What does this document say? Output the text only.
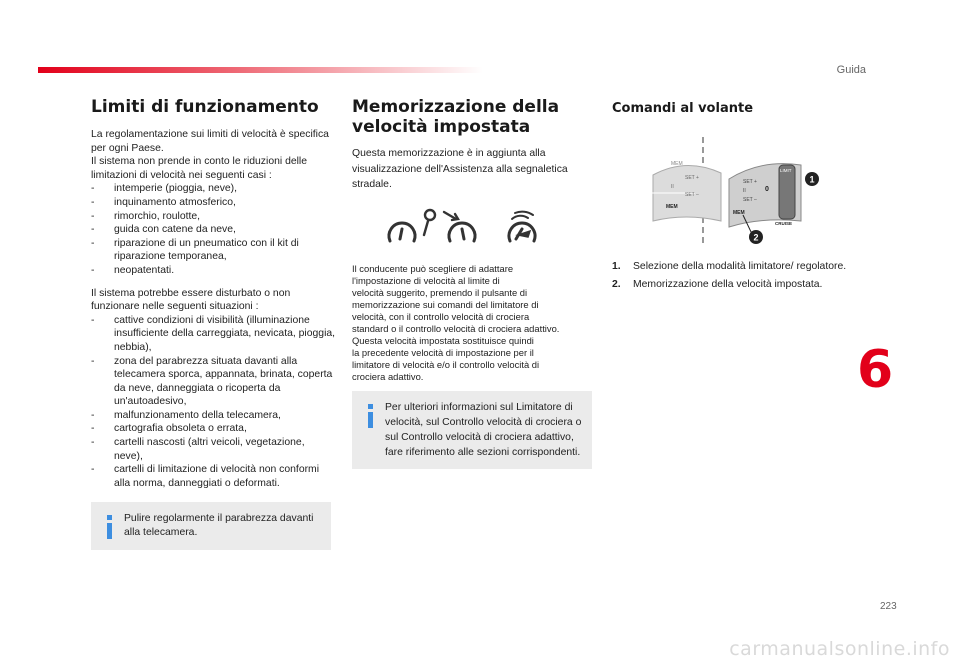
Guida
Limiti di funzionamento

La regolamentazione sui limiti di velocità è specifica per ogni Paese.

Il sistema non prende in conto le riduzioni delle limitazioni di velocità nei seguenti casi :

- intemperie (pioggia, neve),
- inquinamento atmosferico,
- rimorchio, roulotte,
- guida con catene da neve,
- riparazione di un pneumatico con il kit di riparazione temporanea,
- neopatentati.

Il sistema potrebbe essere disturbato o non funzionare nelle seguenti situazioni :

- cattive condizioni di visibilità (illuminazione insufficiente della carreggiata, nevicata, pioggia, nebbia),
- zona del parabrezza situata davanti alla telecamera sporca, appannata, brinata, coperta da neve, danneggiata o ricoperta da un'autoadesivo,
- malfunzionamento della telecamera,
- cartografia obsoleta o errata,
- cartelli nascosti (altri veicoli, vegetazione, neve),
- cartelli di limitazione di velocità non conformi alla norma, danneggiati o deformati.

Pulire regolarmente il parabrezza davanti alla telecamera.

Memorizzazione della
velocità impostata

Questa memorizzazione è in aggiunta alla visualizzazione dell'Assistenza alla segnaletica stradale.

Il conducente può scegliere di adattare

l'impostazione di velocità al limite di

velocità suggerito, premendo il pulsante di

memorizzazione sui comandi del limitatore di

velocità, con il controllo velocità di crociera

standard o il controllo velocità di crociera adattivo.

Questa velocità impostata sostituisce quindi

la precedente velocità di impostazione per il

limitatore di velocità e/o il controllo velocità di

crociera adattivo.

Per ulteriori informazioni sul Limitatore di velocità, sul Controllo velocità di crociera o sul Controllo velocità di crociera adattivo, fare riferimento alle sezioni corrispondenti.

Comandi al volante
MEM
SET +
II
SET –
MEM
LIMIT
SET +
0
II
SET –
MEM
CRUISE
1
2
1. Selezione della modalità limitatore/ regolatore.
2. Memorizzazione della velocità impostata.
6
223
carmanualsonline.info
